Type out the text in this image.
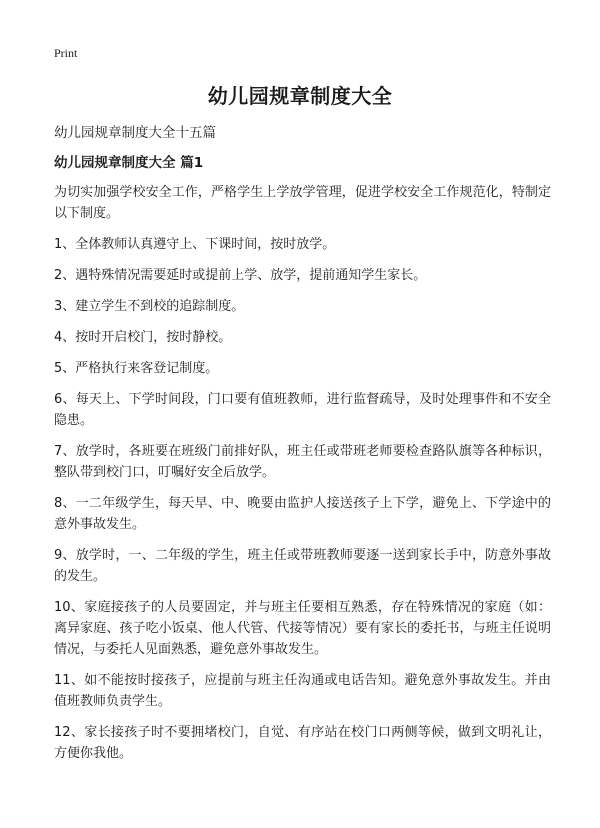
Print
幼儿园规章制度大全

幼儿园规章制度大全十五篇

幼儿园规章制度大全 篇1

为切实加强学校安全工作，严格学生上学放学管理，促进学校安全工作规范化，特制定以下制度。

1、全体教师认真遵守上、下课时间，按时放学。

2、遇特殊情况需要延时或提前上学、放学，提前通知学生家长。

3、建立学生不到校的追踪制度。

4、按时开启校门，按时静校。

5、严格执行来客登记制度。

6、每天上、下学时间段，门口要有值班教师，进行监督疏导，及时处理事件和不安全隐患。

7、放学时，各班要在班级门前排好队，班主任或带班老师要检查路队旗等各种标识，整队带到校门口，叮嘱好安全后放学。

8、一二年级学生，每天早、中、晚要由监护人接送孩子上下学，避免上、下学途中的意外事故发生。

9、放学时，一、二年级的学生，班主任或带班教师要逐一送到家长手中，防意外事故的发生。

10、家庭接孩子的人员要固定，并与班主任要相互熟悉，存在特殊情况的家庭（如：离异家庭、孩子吃小饭桌、他人代管、代接等情况）要有家长的委托书，与班主任说明情况，与委托人见面熟悉，避免意外事故发生。

11、如不能按时接孩子，应提前与班主任沟通或电话告知。避免意外事故发生。并由值班教师负责学生。

12、家长接孩子时不要拥堵校门，自觉、有序站在校门口两侧等候，做到文明礼让，方便你我他。
